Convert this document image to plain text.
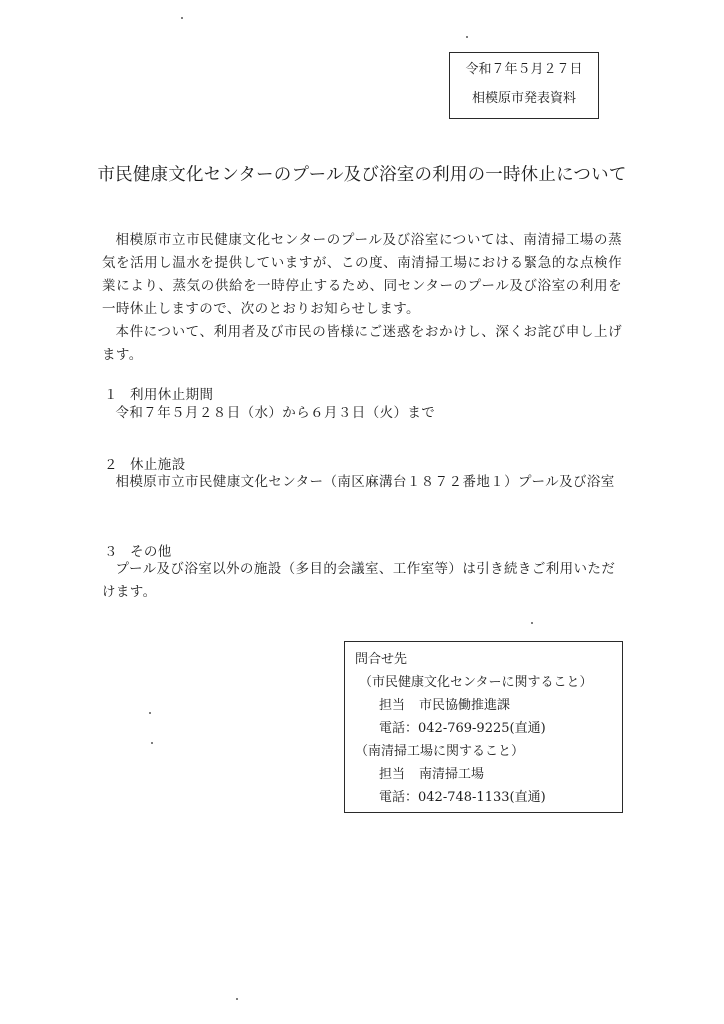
令和７年５月２７日
相模原市発表資料
市民健康文化センターのプール及び浴室の利用の一時休止について

相模原市立市民健康文化センターのプール及び浴室については、南清掃工場の蒸気を活用し温水を提供していますが、この度、南清掃工場における緊急的な点検作業により、蒸気の供給を一時停止するため、同センターのプール及び浴室の利用を一時休止しますので、次のとおりお知らせします。

本件について、利用者及び市民の皆様にご迷惑をおかけし、深くお詫び申し上げます。

１ 利用休止期間
令和７年５月２８日（水）から６月３日（火）まで
２ 休止施設
相模原市立市民健康文化センター（南区麻溝台１８７２番地１）プール及び浴室
３ その他
プール及び浴室以外の施設（多目的会議室、工作室等）は引き続きご利用いただけます。
問合せ先
（市民健康文化センターに関すること）
担当 市民協働推進課
電話：042-769-9225(直通)
（南清掃工場に関すること）
担当 南清掃工場
電話：042-748-1133(直通)
